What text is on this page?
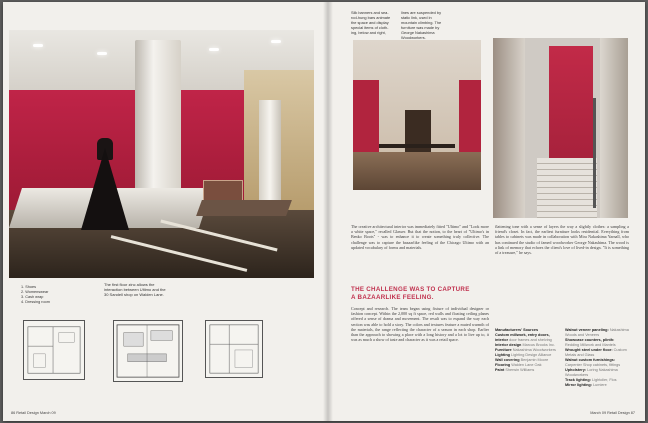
The first floor zinc allows the interaction between Ultimo and the 30 Sandell shop on Walden Lane.
1. Shoes
2. Womenswear
3. Cash wrap
4. Dressing room
86 Retail Design March 09
Silk banners and sea- rod-hung bars animate the space and display special items of cloth- ing, below and right,
lines are suspended by static link, used in mountain climbing. The furniture was made by George Nakashima Woodworkers.

The creative architectural interior was immediately fitted "Ultimo" and "Look more a white space," recalled Glasser. But that the notion, to the heart of "Ultimo's in Benko Boots" - was to enhance it to create something truly collective. The challenge was to capture the bazaarlike feeling of the Chicago Ultimo with an updated vocabulary of forms and materials.

THE CHALLENGE WAS TO CAPTURE
A BAZAARLIKE FEELING.

Concept and research. The team began using fixture of individual designer or fashion concept. Within the 2,000 sq ft space, red walls and floating ceiling planes offered a sense of drama and movement. The result was to expand the way each section was able to hold a story. The colors and textures feature a muted warmth of the materials, the range reflecting the character of a season in each shop. Earlier than the approach to showing a place with a long history and a lot to live up to, it was as much a show of taste and character as it was a retail space.

flattening tone with a sense of layers the way a slightly clothes: a sampling a friend's closet. In fact, the earliest furniture looks residential. Everything from tables to cabinets was made in collaboration with Mira Nakashima Yarnall, who has continued the studio of famed woodworker George Nakashima. The wood is a link of memory that echoes the client's love of lived-in design. "It is something of a treasure," he says.

Manufacturers' Sources
Custom millwork, entry doors, interior door frames and shelving
Interior design Marcus Brooks Inc.
Furniture Nakashima Woodworkers
Lighting Lighting Design Alliance
Wall covering Benjamin Moore
Flooring Walden Lane Oak
Paint Sherwin Williams
Walnut veneer paneling: Nakashima Woods and Veneers
Showcase counters, plinth: Redding Millwork and Mantels
Wrought steel under floor: Custom Metals and Glass
Walnut custom furnishings: Carpenter Shop cabinets, fittings
Upholstery: Loring Nakashima Woodworkers
Track lighting: Lightolier, Flos
Mirror lighting: Lumiere
March 09 Retail Design 87
